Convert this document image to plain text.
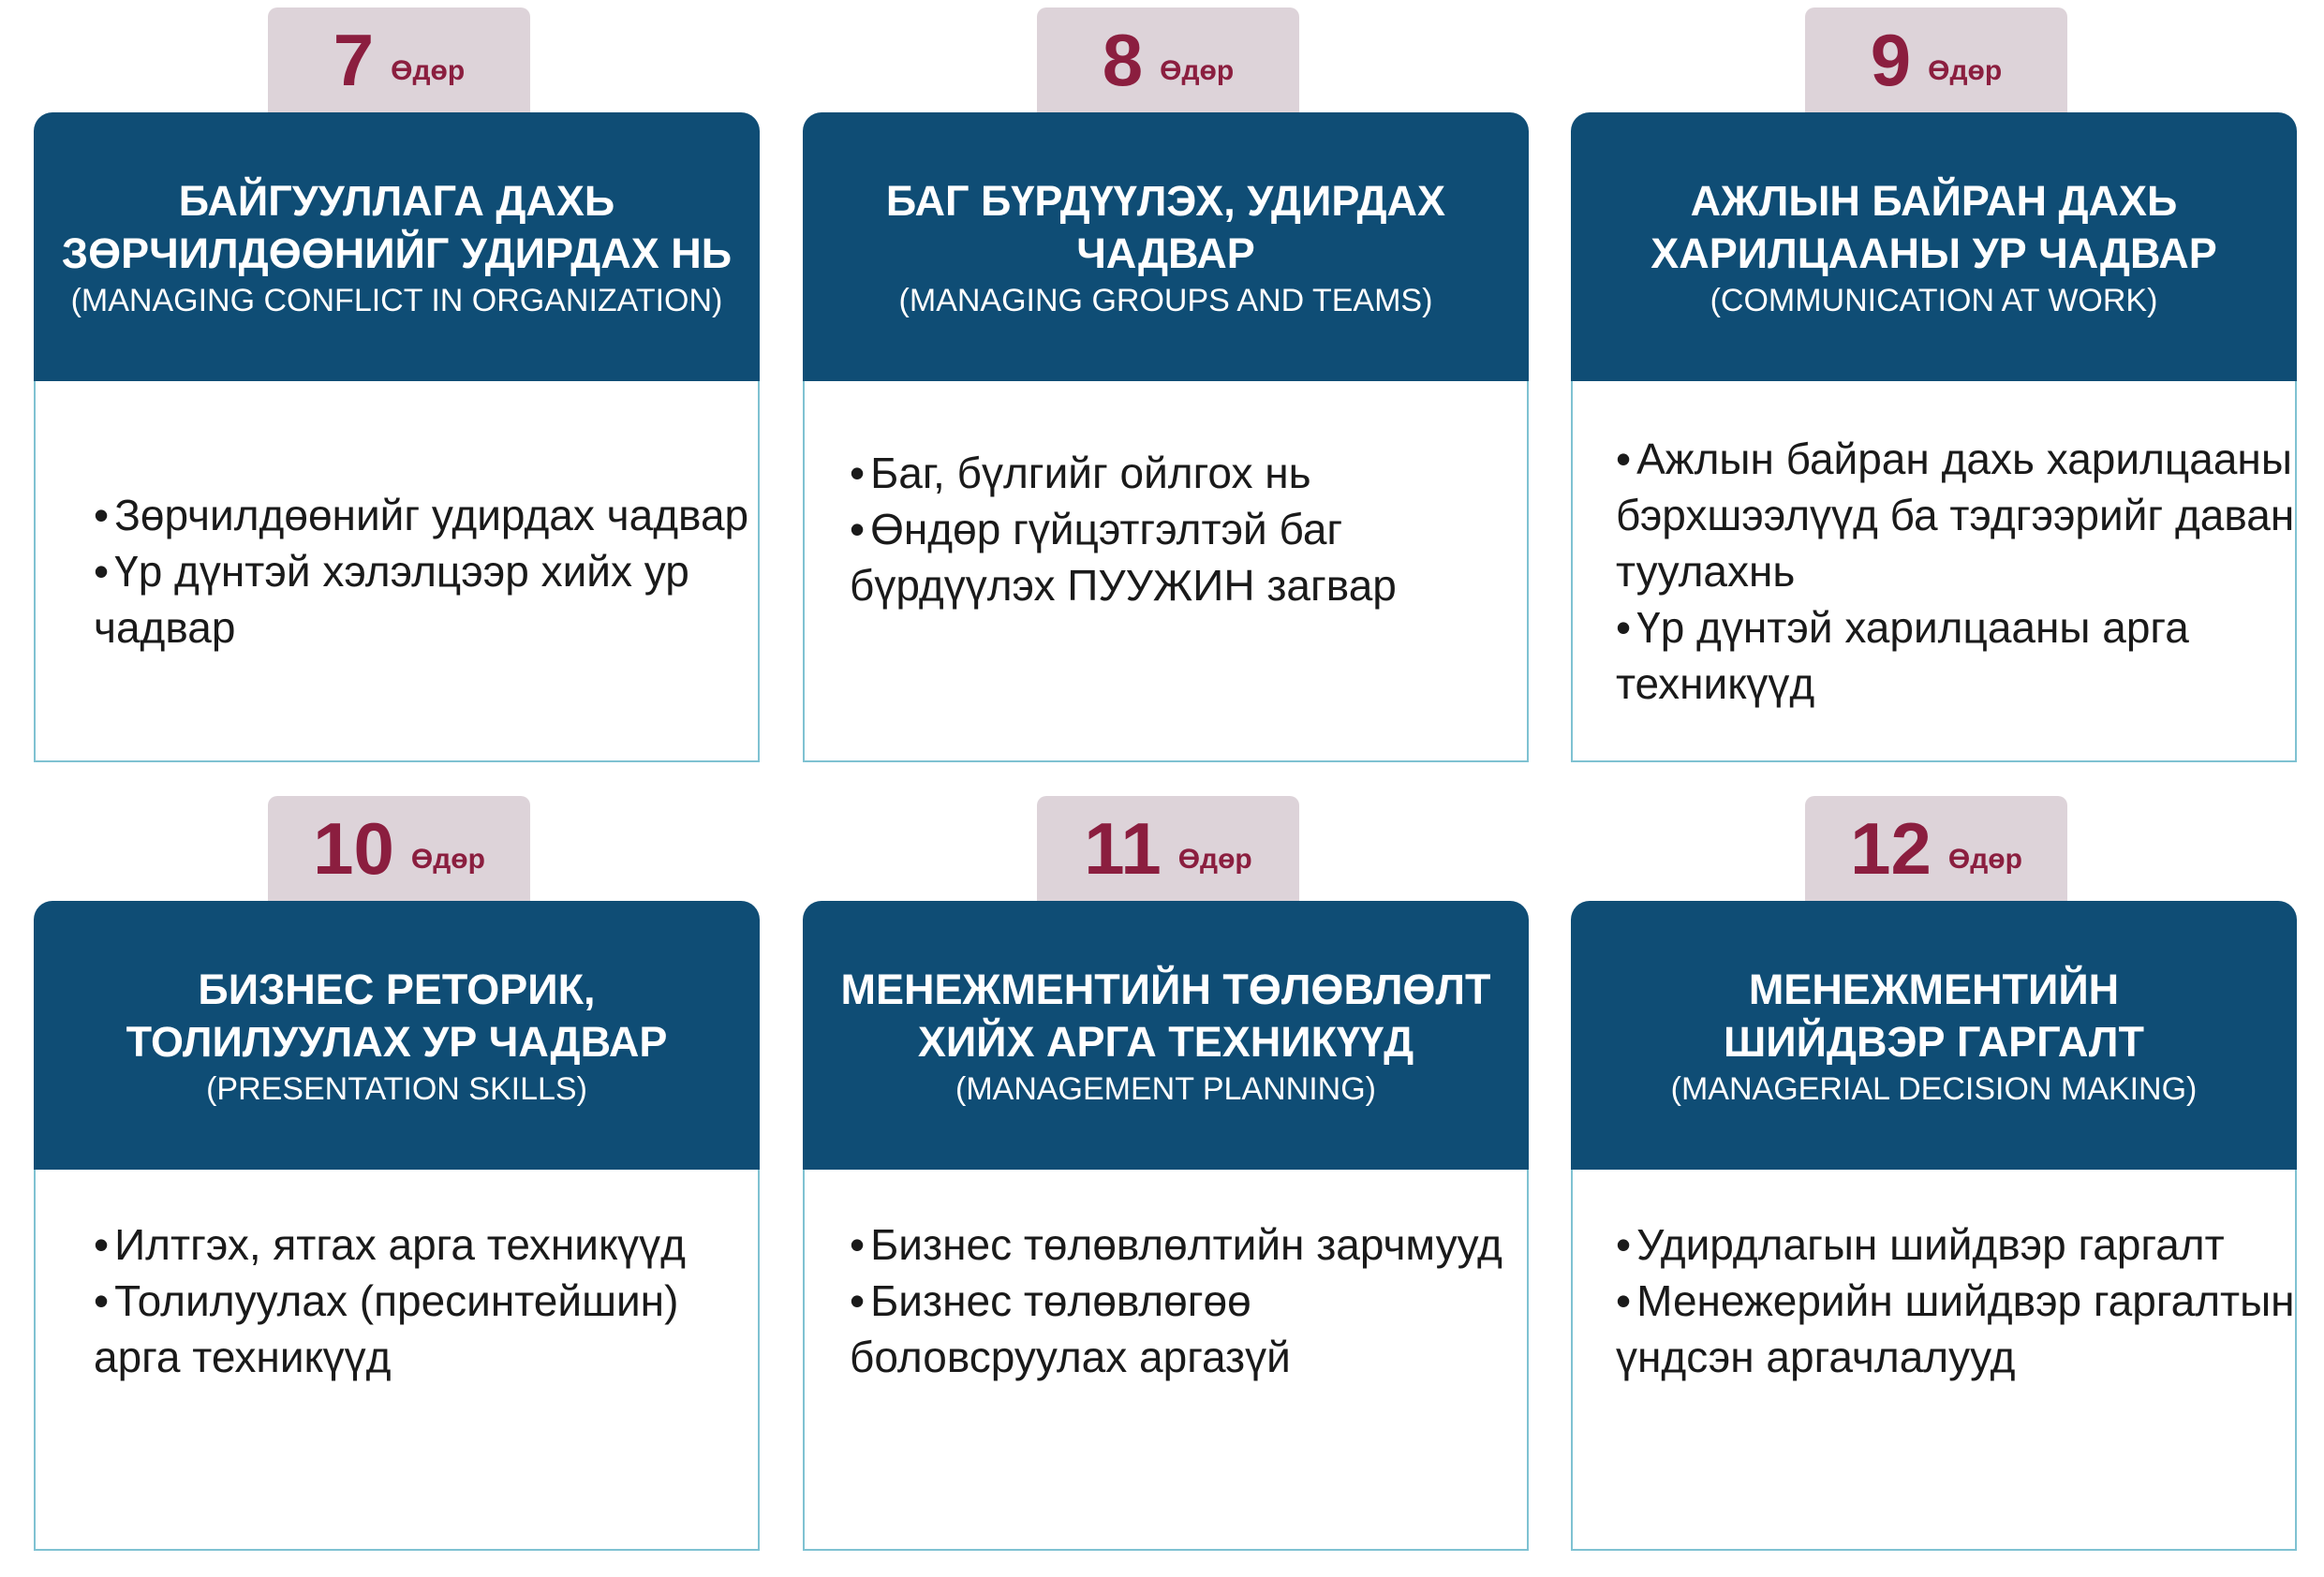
7 Өдөр
БАЙГУУЛЛАГА ДАХЬ
ЗӨРЧИЛДӨӨНИЙГ УДИРДАХ НЬ
(MANAGING CONFLICT IN ORGANIZATION)
• Зөрчилдөөнийг удирдах чадвар
• Үр дүнтэй хэлэлцээр хийх ур чадвар
8 Өдөр
БАГ БҮРДҮҮЛЭХ, УДИРДАХ
ЧАДВАР
(MANAGING GROUPS AND TEAMS)
• Баг, бүлгийг ойлгох нь
• Өндөр гүйцэтгэлтэй баг бүрдүүлэх ПУУЖИН загвар
9 Өдөр
АЖЛЫН БАЙРАН ДАХЬ
ХАРИЛЦААНЫ УР ЧАДВАР
(COMMUNICATION AT WORK)
• Ажлын байран дахь харилцааны бэрхшээлүүд ба тэдгээрийг даван туулахнь
• Үр дүнтэй харилцааны арга техникүүд
10 Өдөр
БИЗНЕС РЕТОРИК,
ТОЛИЛУУЛАХ УР ЧАДВАР
(PRESENTATION SKILLS)
• Илтгэх, ятгах арга техникүүд
• Толилуулах (пресинтейшин) арга техникүүд
11 Өдөр
МЕНЕЖМЕНТИЙН ТӨЛӨВЛӨЛТ
ХИЙХ АРГА ТЕХНИКҮҮД
(MANAGEMENT PLANNING)
• Бизнес төлөвлөлтийн зарчмууд
• Бизнес төлөвлөгөө боловсруулах аргазүй
12 Өдөр
МЕНЕЖМЕНТИЙН
ШИЙДВЭР ГАРГАЛТ
(MANAGERIAL DECISION MAKING)
• Удирдлагын шийдвэр гаргалт
• Менежерийн шийдвэр гаргалтын үндсэн аргачлалууд
